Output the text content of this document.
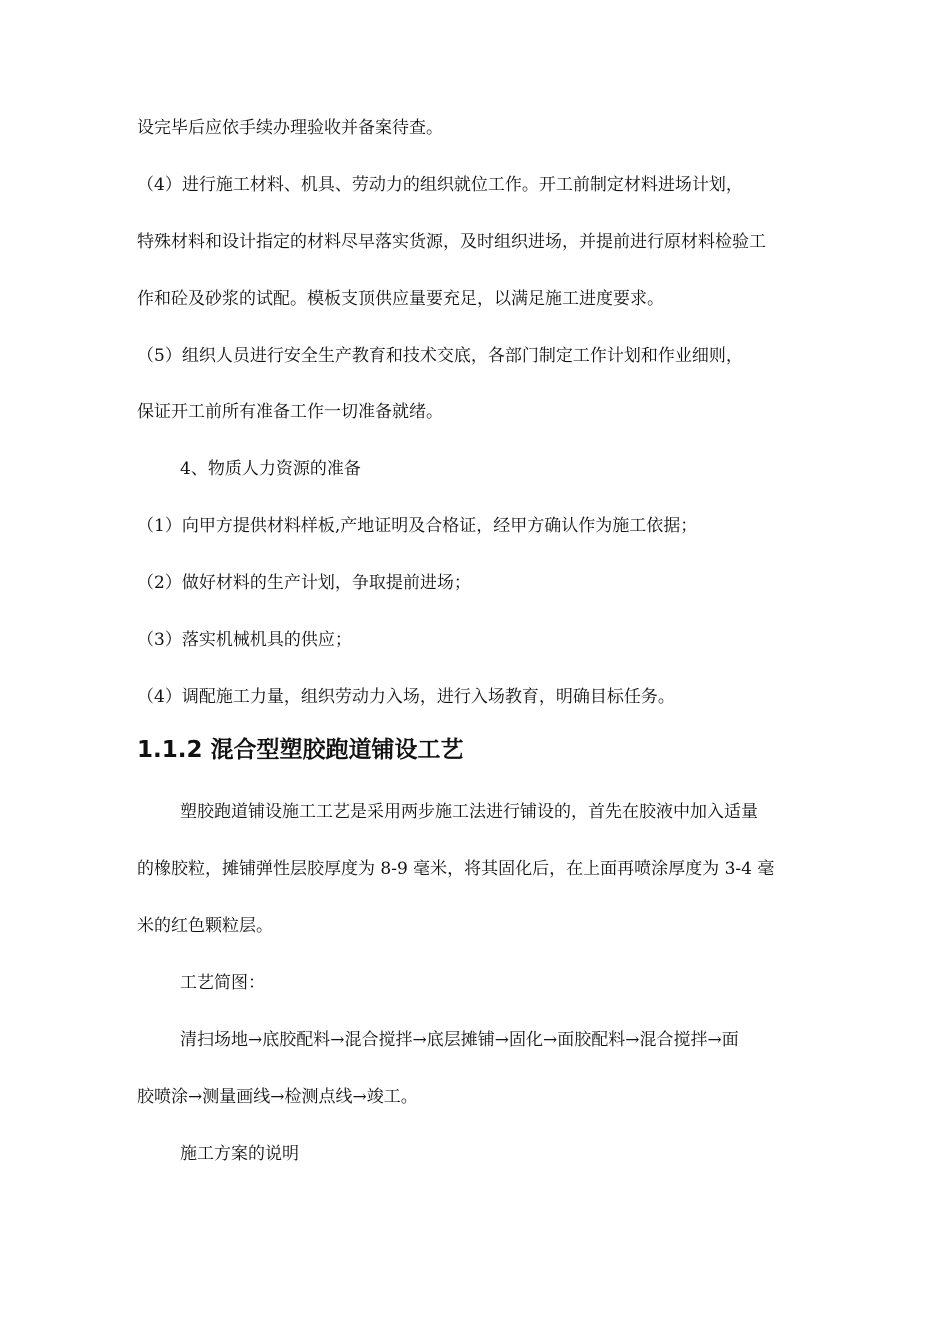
设完毕后应依手续办理验收并备案待查。
（4）进行施工材料、机具、劳动力的组织就位工作。开工前制定材料进场计划，
特殊材料和设计指定的材料尽早落实货源，及时组织进场，并提前进行原材料检验工
作和砼及砂浆的试配。模板支顶供应量要充足，以满足施工进度要求。
（5）组织人员进行安全生产教育和技术交底，各部门制定工作计划和作业细则，
保证开工前所有准备工作一切准备就绪。
4、物质人力资源的准备
（1）向甲方提供材料样板,产地证明及合格证，经甲方确认作为施工依据；
（2）做好材料的生产计划，争取提前进场；
（3）落实机械机具的供应；
（4）调配施工力量，组织劳动力入场，进行入场教育，明确目标任务。
1.1.2 混合型塑胶跑道铺设工艺
塑胶跑道铺设施工工艺是采用两步施工法进行铺设的，首先在胶液中加入适量
的橡胶粒，摊铺弹性层胶厚度为 8-9 毫米，将其固化后，在上面再喷涂厚度为 3-4 毫
米的红色颗粒层。
工艺简图：
清扫场地→底胶配料→混合搅拌→底层摊铺→固化→面胶配料→混合搅拌→面
胶喷涂→测量画线→检测点线→竣工。
施工方案的说明
